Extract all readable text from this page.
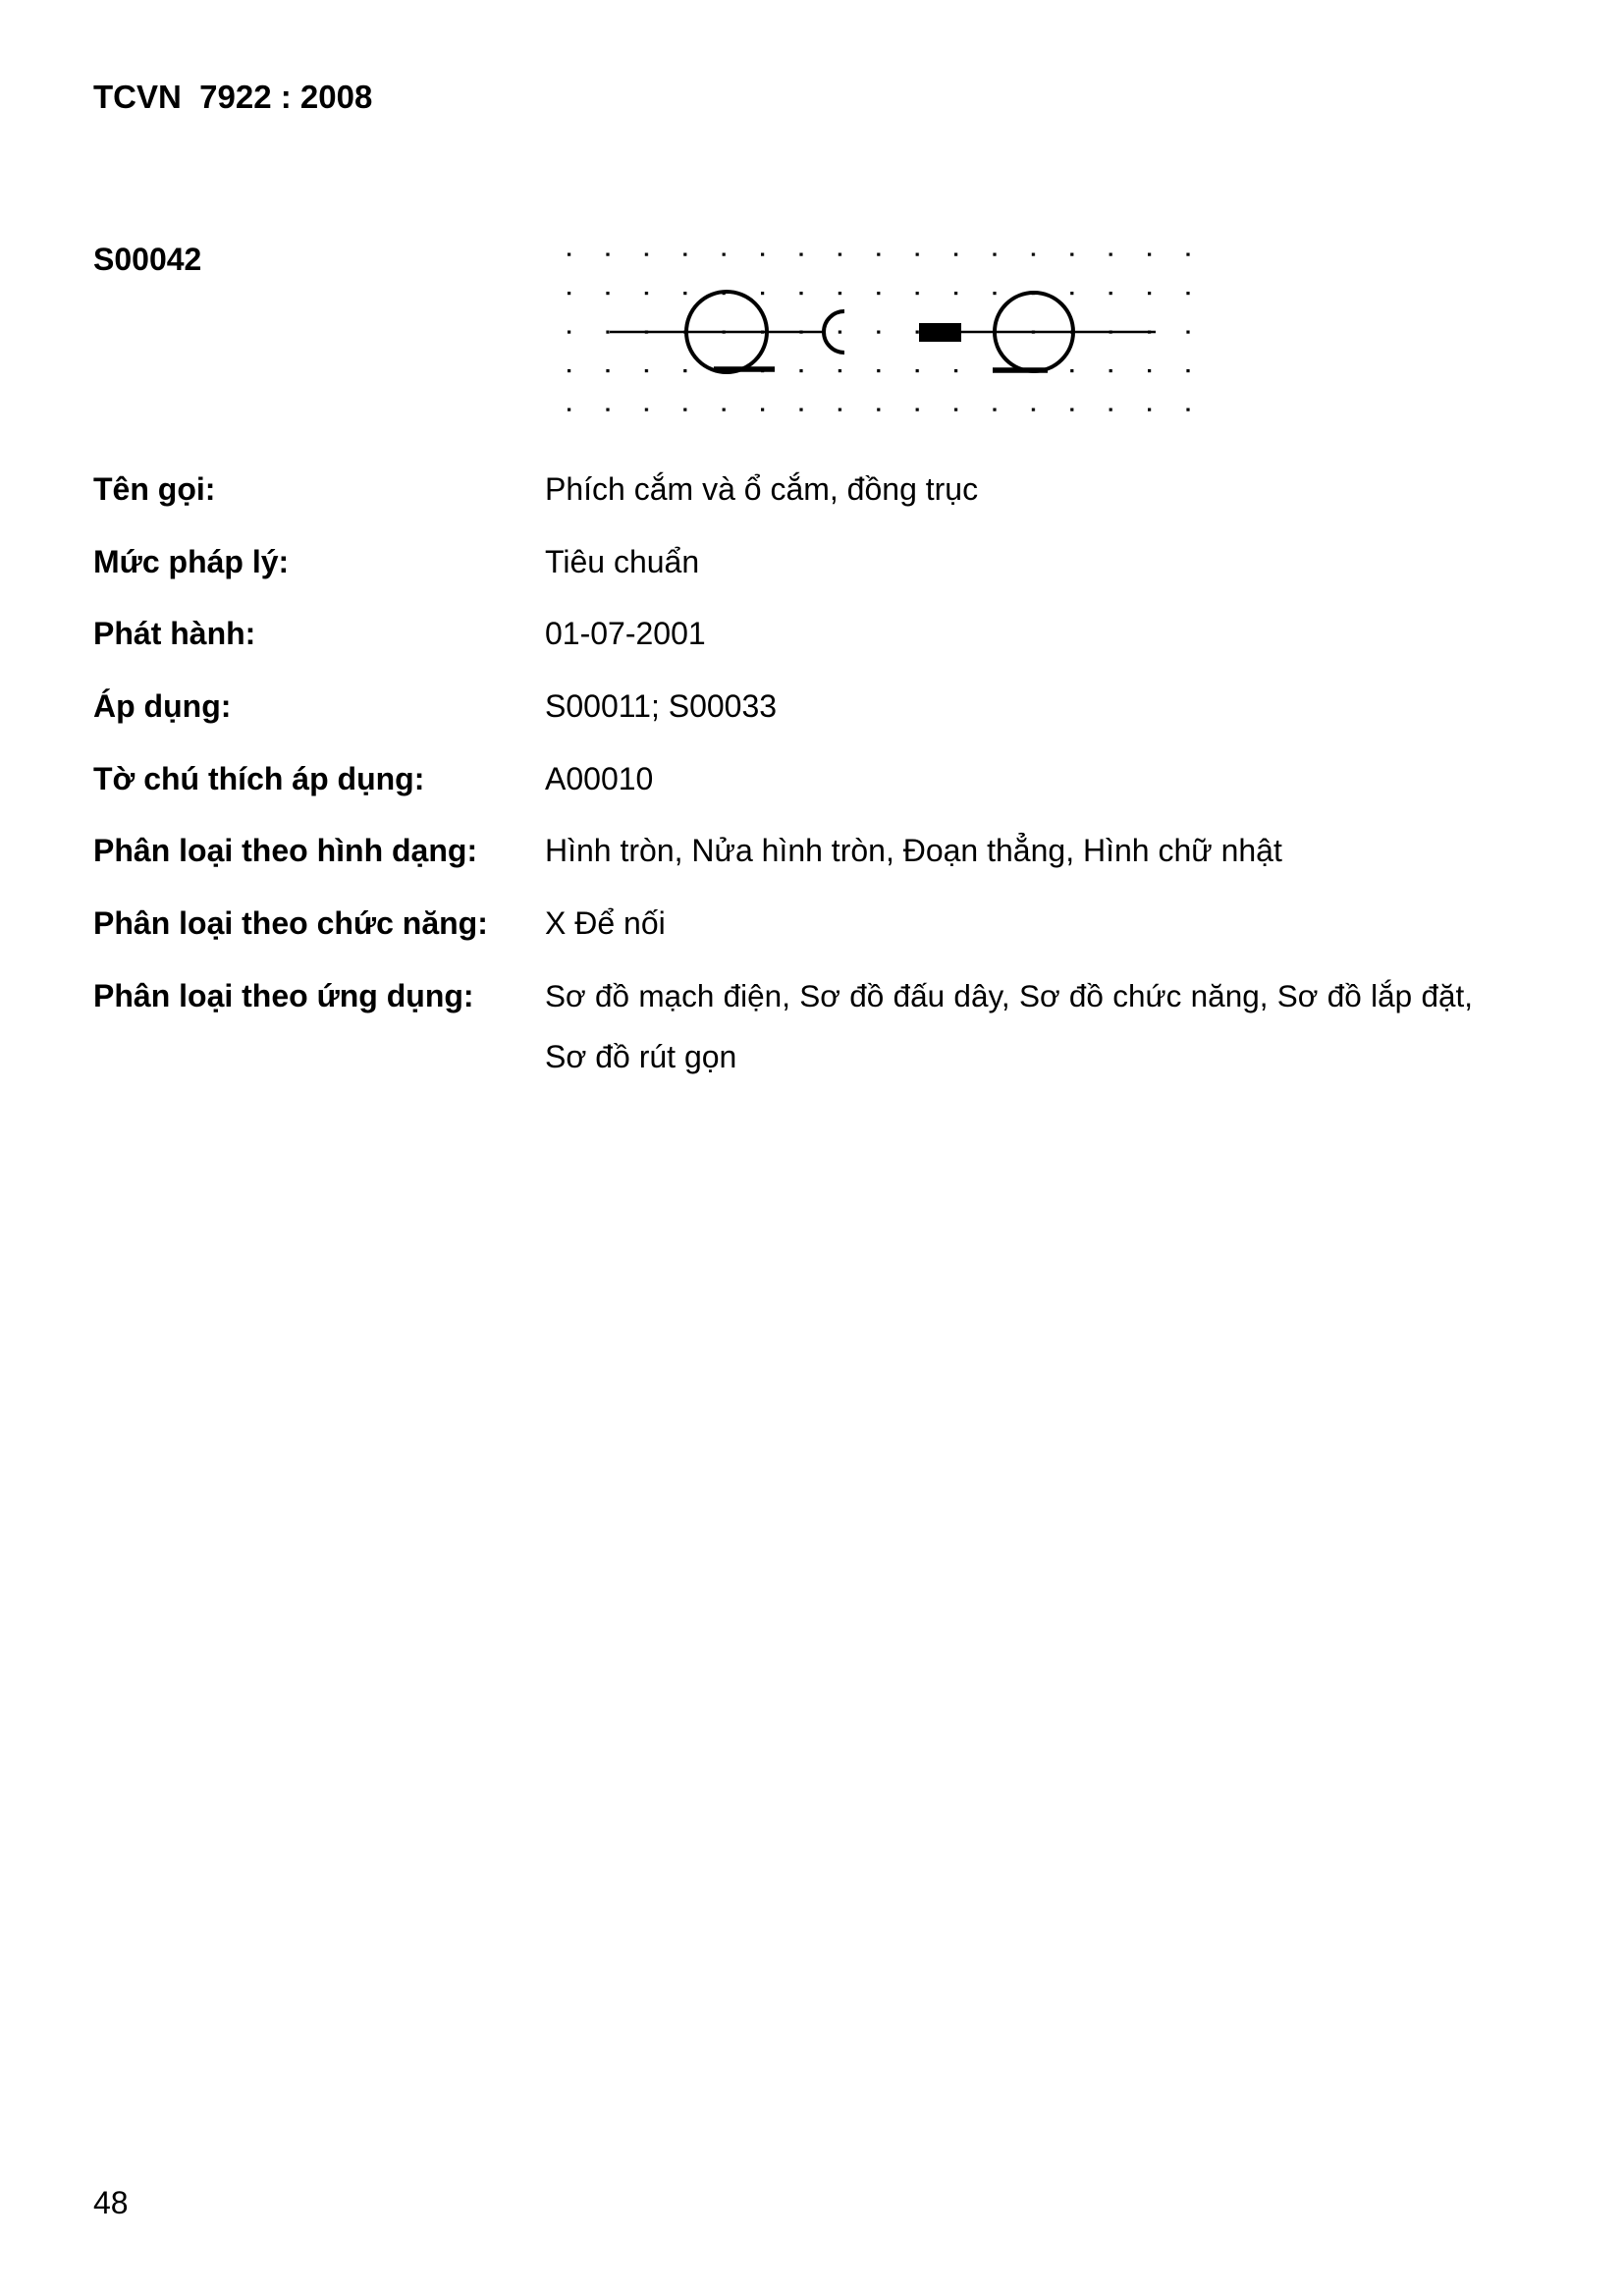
TCVN  7922 : 2008
S00042
Tên gọi:	Phích cắm và ổ cắm, đồng trục
Mức pháp lý:	Tiêu chuẩn
Phát hành:	01-07-2001
Áp dụng:	S00011; S00033
Tờ chú thích áp dụng:	A00010
Phân loại theo hình dạng: Hình tròn, Nửa hình tròn, Đoạn thẳng, Hình chữ nhật
Phân loại theo chức năng: X Để nối
Phân loại theo ứng dụng: Sơ đồ mạch điện, Sơ đồ đấu dây, Sơ đồ chức năng, Sơ đồ lắp đặt,
Sơ đồ rút gọn
48
